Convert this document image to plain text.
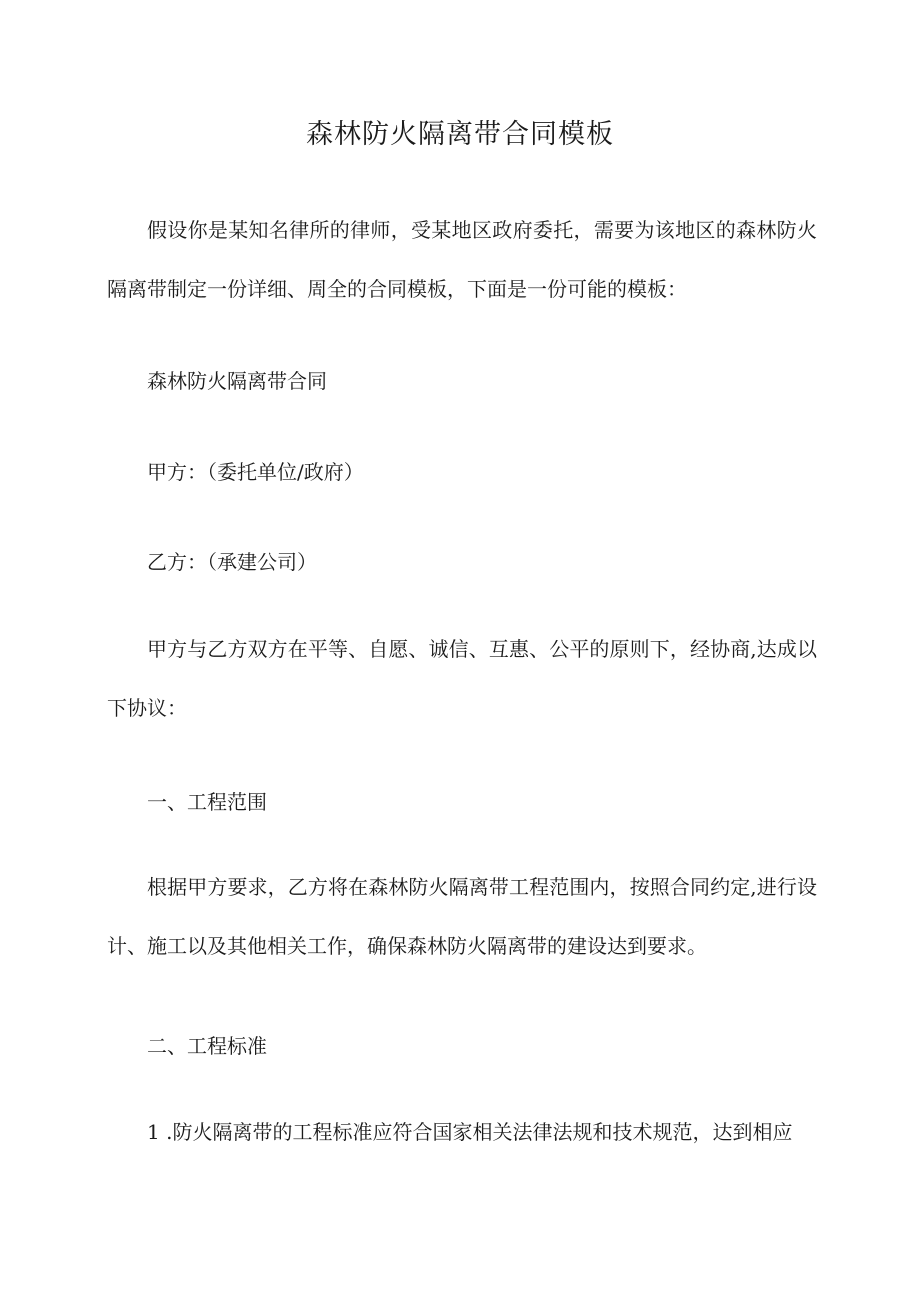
森林防火隔离带合同模板

假设你是某知名律所的律师，受某地区政府委托，需要为该地区的森林防火隔离带制定一份详细、周全的合同模板，下面是一份可能的模板：

森林防火隔离带合同

甲方：（委托单位/政府）

乙方：（承建公司）

甲方与乙方双方在平等、自愿、诚信、互惠、公平的原则下，经协商,达成以下协议：

一、工程范围

根据甲方要求，乙方将在森林防火隔离带工程范围内，按照合同约定,进行设计、施工以及其他相关工作，确保森林防火隔离带的建设达到要求。

二、工程标准

1 .防火隔离带的工程标准应符合国家相关法律法规和技术规范，达到相应
